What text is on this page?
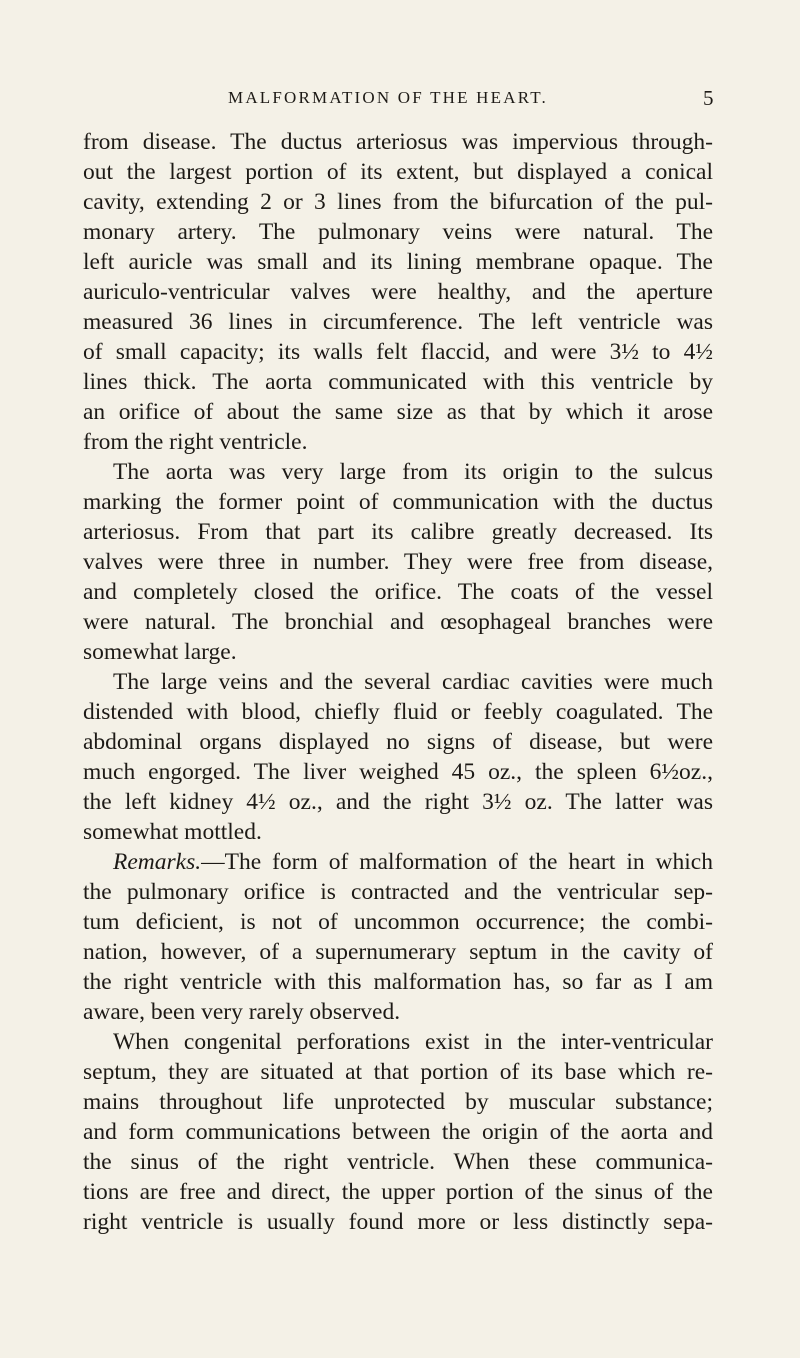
MALFORMATION OF THE HEART.	5
from disease. The ductus arteriosus was impervious through-
out the largest portion of its extent, but displayed a conical
cavity, extending 2 or 3 lines from the bifurcation of the pul-
monary artery. The pulmonary veins were natural. The
left auricle was small and its lining membrane opaque. The
auriculo-ventricular valves were healthy, and the aperture
measured 36 lines in circumference. The left ventricle was
of small capacity; its walls felt flaccid, and were 3½ to 4½
lines thick. The aorta communicated with this ventricle by
an orifice of about the same size as that by which it arose
from the right ventricle.
The aorta was very large from its origin to the sulcus
marking the former point of communication with the ductus
arteriosus. From that part its calibre greatly decreased. Its
valves were three in number. They were free from disease,
and completely closed the orifice. The coats of the vessel
were natural. The bronchial and œsophageal branches were
somewhat large.
The large veins and the several cardiac cavities were much
distended with blood, chiefly fluid or feebly coagulated. The
abdominal organs displayed no signs of disease, but were
much engorged. The liver weighed 45 oz., the spleen 6½oz.,
the left kidney 4½ oz., and the right 3½ oz. The latter was
somewhat mottled.
Remarks.—The form of malformation of the heart in which
the pulmonary orifice is contracted and the ventricular sep-
tum deficient, is not of uncommon occurrence; the combi-
nation, however, of a supernumerary septum in the cavity of
the right ventricle with this malformation has, so far as I am
aware, been very rarely observed.
When congenital perforations exist in the inter-ventricular
septum, they are situated at that portion of its base which re-
mains throughout life unprotected by muscular substance;
and form communications between the origin of the aorta and
the sinus of the right ventricle. When these communica-
tions are free and direct, the upper portion of the sinus of the
right ventricle is usually found more or less distinctly sepa-
